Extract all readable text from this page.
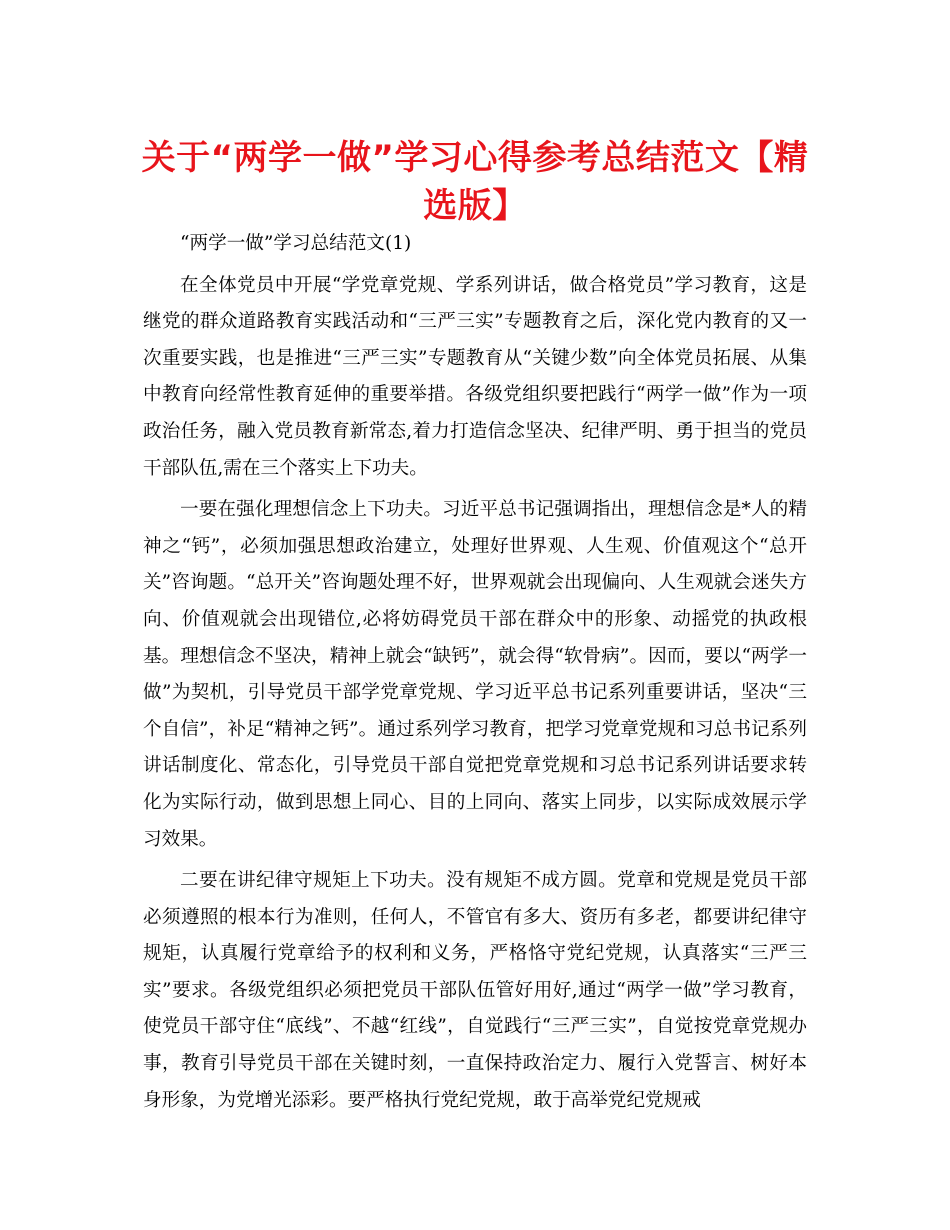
关于“两学一做”学习心得参考总结范文【精选版】

“两学一做”学习总结范文(1)

在全体党员中开展“学党章党规、学系列讲话，做合格党员”学习教育，这是继党的群众道路教育实践活动和“三严三实”专题教育之后，深化党内教育的又一次重要实践，也是推进“三严三实”专题教育从“关键少数”向全体党员拓展、从集中教育向经常性教育延伸的重要举措。各级党组织要把践行“两学一做”作为一项政治任务，融入党员教育新常态,着力打造信念坚决、纪律严明、勇于担当的党员干部队伍,需在三个落实上下功夫。

一要在强化理想信念上下功夫。习近平总书记强调指出，理想信念是*人的精神之“钙”，必须加强思想政治建立，处理好世界观、人生观、价值观这个“总开关”咨询题。“总开关”咨询题处理不好，世界观就会出现偏向、人生观就会迷失方向、价值观就会出现错位,必将妨碍党员干部在群众中的形象、动摇党的执政根基。理想信念不坚决，精神上就会“缺钙”，就会得“软骨病”。因而，要以“两学一做”为契机，引导党员干部学党章党规、学习近平总书记系列重要讲话，坚决“三个自信”，补足“精神之钙”。通过系列学习教育，把学习党章党规和习总书记系列讲话制度化、常态化，引导党员干部自觉把党章党规和习总书记系列讲话要求转化为实际行动，做到思想上同心、目的上同向、落实上同步，以实际成效展示学习效果。

二要在讲纪律守规矩上下功夫。没有规矩不成方圆。党章和党规是党员干部必须遵照的根本行为准则，任何人，不管官有多大、资历有多老，都要讲纪律守规矩，认真履行党章给予的权利和义务，严格恪守党纪党规，认真落实“三严三实”要求。各级党组织必须把党员干部队伍管好用好,通过“两学一做”学习教育，使党员干部守住“底线”、不越“红线”，自觉践行“三严三实”，自觉按党章党规办事，教育引导党员干部在关键时刻，一直保持政治定力、履行入党誓言、树好本身形象，为党增光添彩。要严格执行党纪党规，敢于高举党纪党规戒
